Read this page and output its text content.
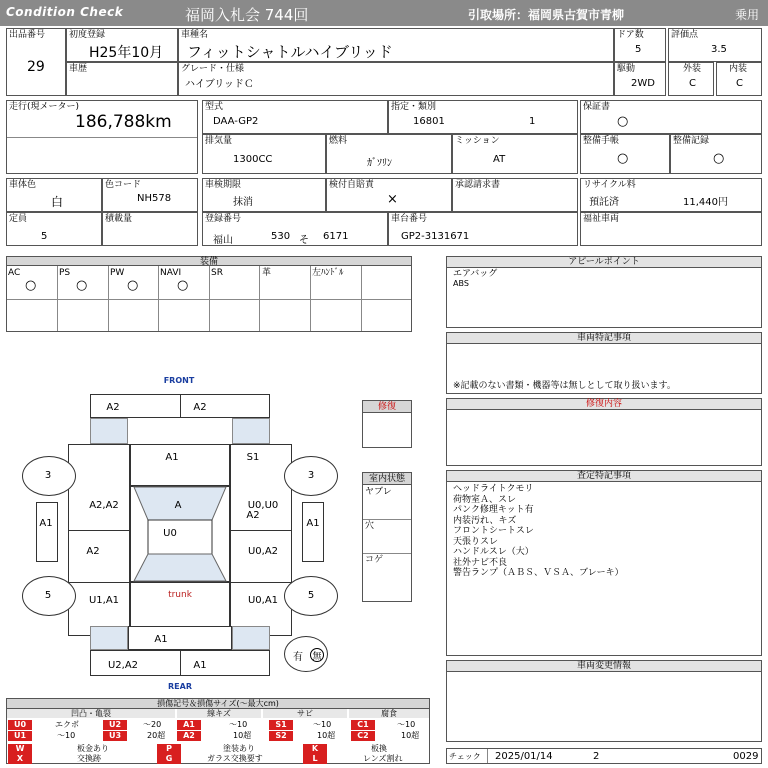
Condition Check	福岡入札会 744回	引取場所：福岡県古賀市青柳	乗用
出品番号
29
初度登録
H25年10月
車歴
車種名
フィットシャトルハイブリッド
グレード・仕様
ハイブリッドＣ
ドア数
5
評価点
3.5
駆動
2WD
外装
C
内装
C
走行(現メーター)
186,788km
型式
DAA-GP2
指定・類別
16801	1
保証書
○
排気量
1300CC
燃料
ｶﾞｿﾘﾝ
ミッション
AT
整備手帳
○
整備記録
○
車体色
白
色コード
NH578
車検期限
抹消
検付自賠責
×
承認請求書	リサイクル料
預託済	11,440円
定員
5
積載量	登録番号
福山	530 そ 6171
車台番号
GP2-3131671
福祉車両
装備
AC	PS	PW	NAVI	SR	革	左ﾊﾝﾄﾞﾙ
○	○	○	○
FRONT
A2	A2
A1	S1
A2,A2	A	U0,U0
A2
U0
A2	U0,A2
trunk
U1,A1	U0,A1
A1	A1
3	3
5	5
A1
U2,A2	A1
REAR
有 無
修復
室内状態
ヤブレ
穴
コゲ
アピールポイント
エアバッグ
ABS
車両特記事項
※記載のない書類・機器等は無しとして取り扱います。
修復内容
査定特記事項
ヘッドライトクモリ
荷物室Ａ、スレ
パンク修理キット有
内装汚れ、キズ
フロントシートスレ
天張りスレ
ハンドルスレ（大）
社外ナビ不良
警告ランプ（ＡＢＳ、ＶＳＡ、ブレーキ）
車両変更情報
チェック 2025/01/14	2	0029
損傷記号＆損傷サイズ(〜最大cm)
凹凸・亀裂	線キズ	サビ	腐食
U0	エクボ	U2	〜20	A1	〜10	S1	〜10	C1	〜10
U1	〜10	U3	20超	A2	10超	S2	10超	C2	10超
W	板金あり	P	塗装あり	K	板換
X	交換跡	G	ガラス交換要す	L	レンズ割れ
